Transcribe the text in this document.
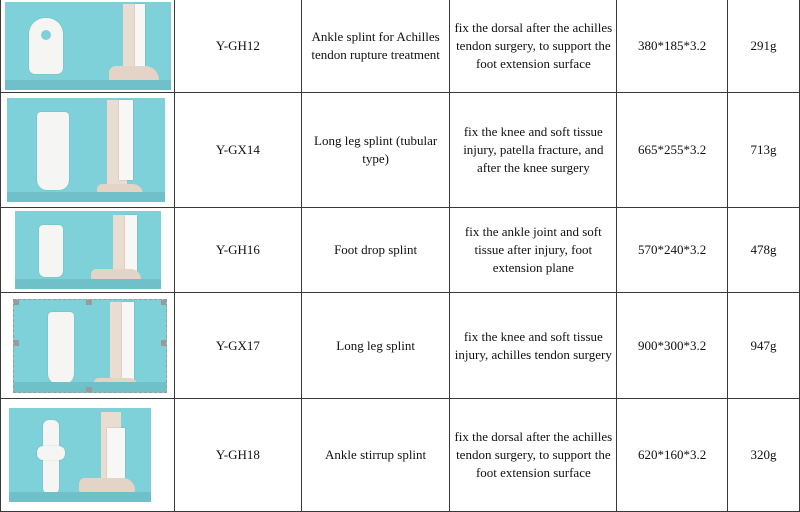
	Y-GH12	Ankle splint for Achilles tendon rupture treatment	fix the dorsal after the achilles tendon surgery, to support the foot extension surface	380*185*3.2	291g

	Y-GX14	Long leg splint (tubular type)	fix the knee and soft tissue injury, patella fracture, and after the knee surgery	665*255*3.2	713g

	Y-GH16	Foot drop splint	fix the ankle joint and soft tissue after injury, foot extension plane	570*240*3.2	478g

	Y-GX17	Long leg splint	fix the knee and soft tissue injury, achilles tendon surgery	900*300*3.2	947g

	Y-GH18	Ankle stirrup splint	fix the dorsal after the achilles tendon surgery, to support the foot extension surface	620*160*3.2	320g
